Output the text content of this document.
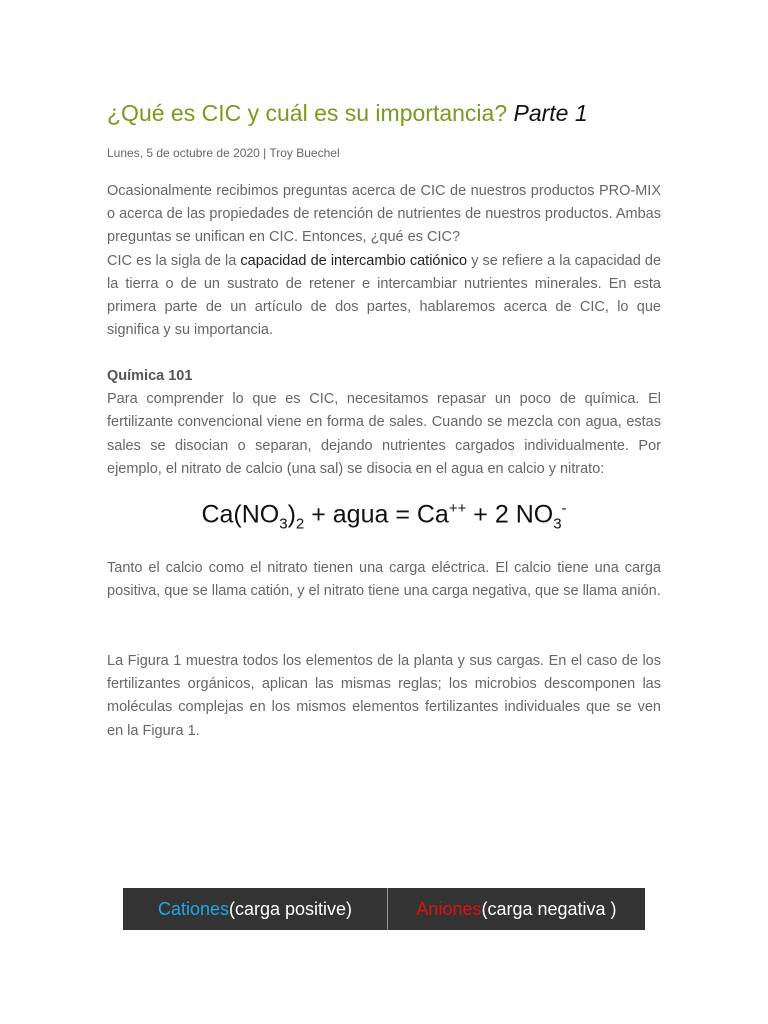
¿Qué es CIC y cuál es su importancia? Parte 1
Lunes, 5 de octubre de 2020 | Troy Buechel

Ocasionalmente recibimos preguntas acerca de CIC de nuestros productos PRO-MIX o acerca de las propiedades de retención de nutrientes de nuestros productos. Ambas preguntas se unifican en CIC. Entonces, ¿qué es CIC?
CIC es la sigla de la capacidad de intercambio catiónico y se refiere a la capacidad de la tierra o de un sustrato de retener e intercambiar nutrientes minerales. En esta primera parte de un artículo de dos partes, hablaremos acerca de CIC, lo que significa y su importancia.

Química 101
Para comprender lo que es CIC, necesitamos repasar un poco de química. El fertilizante convencional viene en forma de sales. Cuando se mezcla con agua, estas sales se disocian o separan, dejando nutrientes cargados individualmente. Por ejemplo, el nitrato de calcio (una sal) se disocia en el agua en calcio y nitrato:

$Ca(NO_3)_2$ + agua = Ca++ + 2 $NO_3^-$

Tanto el calcio como el nitrato tienen una carga eléctrica. El calcio tiene una carga positiva, que se llama catión, y el nitrato tiene una carga negativa, que se llama anión.

La Figura 1 muestra todos los elementos de la planta y sus cargas. En el caso de los fertilizantes orgánicos, aplican las mismas reglas; los microbios descomponen las moléculas complejas en los mismos elementos fertilizantes individuales que se ven en la Figura 1.

Cationes (carga positive)	Aniones (carga negativa )
